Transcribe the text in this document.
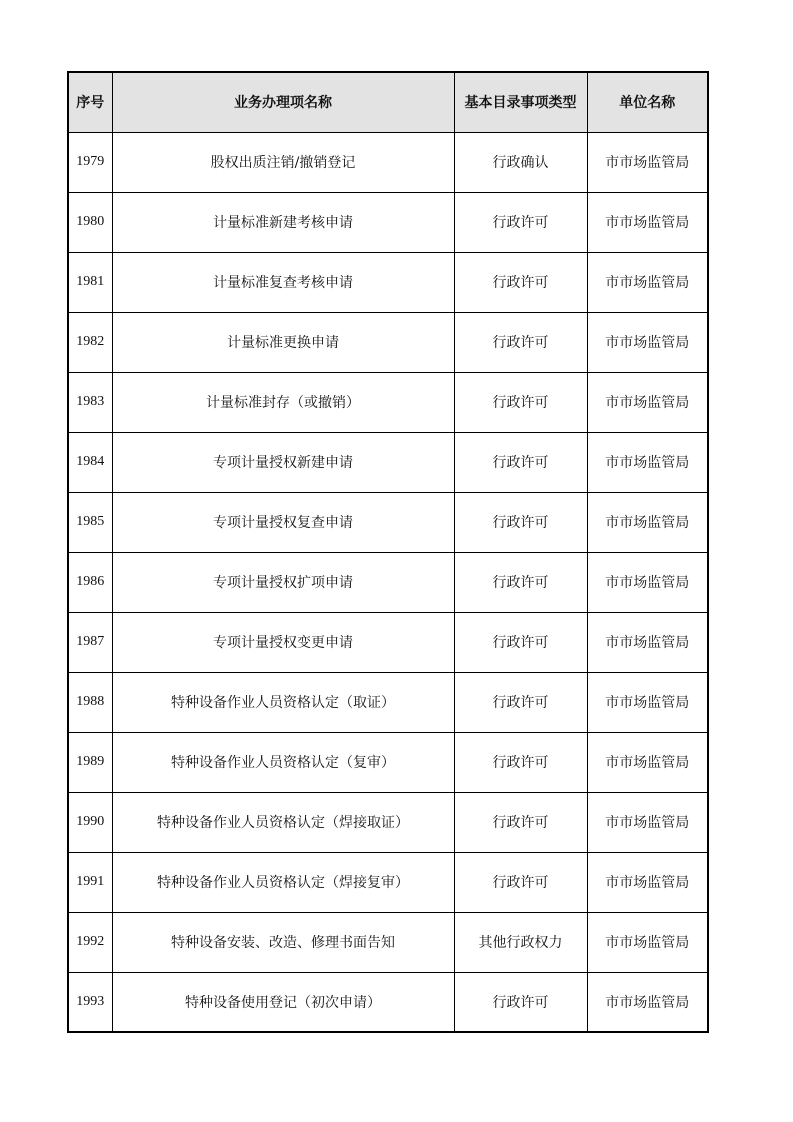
序号	业务办理项名称	基本目录事项类型	单位名称
1979	股权出质注销/撤销登记	行政确认	市市场监管局
1980	计量标准新建考核申请	行政许可	市市场监管局
1981	计量标准复查考核申请	行政许可	市市场监管局
1982	计量标准更换申请	行政许可	市市场监管局
1983	计量标准封存（或撤销）	行政许可	市市场监管局
1984	专项计量授权新建申请	行政许可	市市场监管局
1985	专项计量授权复查申请	行政许可	市市场监管局
1986	专项计量授权扩项申请	行政许可	市市场监管局
1987	专项计量授权变更申请	行政许可	市市场监管局
1988	特种设备作业人员资格认定（取证）	行政许可	市市场监管局
1989	特种设备作业人员资格认定（复审）	行政许可	市市场监管局
1990	特种设备作业人员资格认定（焊接取证）	行政许可	市市场监管局
1991	特种设备作业人员资格认定（焊接复审）	行政许可	市市场监管局
1992	特种设备安装、改造、修理书面告知	其他行政权力	市市场监管局
1993	特种设备使用登记（初次申请）	行政许可	市市场监管局
